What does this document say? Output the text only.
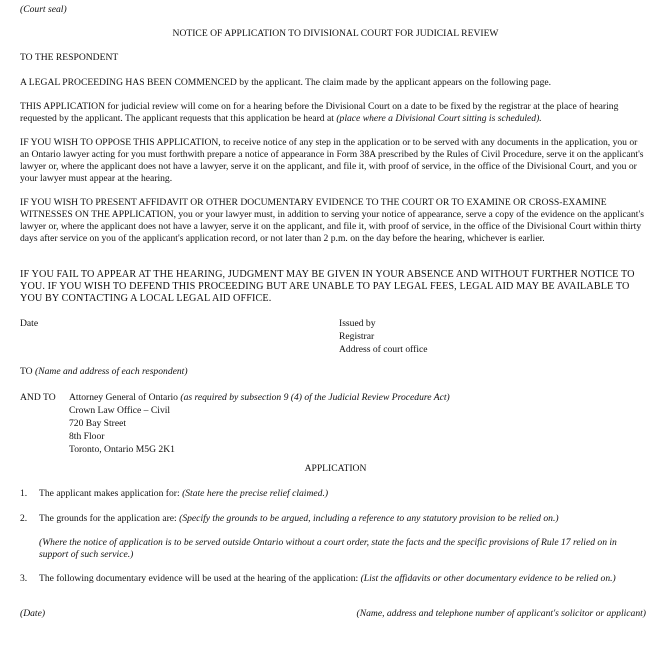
(Court seal)
NOTICE OF APPLICATION TO DIVISIONAL COURT FOR JUDICIAL REVIEW

TO THE RESPONDENT

A LEGAL PROCEEDING HAS BEEN COMMENCED by the applicant. The claim made by the applicant appears on the following page.

THIS APPLICATION for judicial review will come on for a hearing before the Divisional Court on a date to be fixed by the registrar at the place of hearing requested by the applicant. The applicant requests that this application be heard at (place where a Divisional Court sitting is scheduled).

IF YOU WISH TO OPPOSE THIS APPLICATION, to receive notice of any step in the application or to be served with any documents in the application, you or an Ontario lawyer acting for you must forthwith prepare a notice of appearance in Form 38A prescribed by the Rules of Civil Procedure, serve it on the applicant's lawyer or, where the applicant does not have a lawyer, serve it on the applicant, and file it, with proof of service, in the office of the Divisional Court, and you or your lawyer must appear at the hearing.

IF YOU WISH TO PRESENT AFFIDAVIT OR OTHER DOCUMENTARY EVIDENCE TO THE COURT OR TO EXAMINE OR CROSS-EXAMINE WITNESSES ON THE APPLICATION, you or your lawyer must, in addition to serving your notice of appearance, serve a copy of the evidence on the applicant's lawyer or, where the applicant does not have a lawyer, serve it on the applicant, and file it, with proof of service, in the office of the Divisional Court within thirty days after service on you of the applicant's application record, or not later than 2 p.m. on the day before the hearing, whichever is earlier.

IF YOU FAIL TO APPEAR AT THE HEARING, JUDGMENT MAY BE GIVEN IN YOUR ABSENCE AND WITHOUT FURTHER NOTICE TO YOU. IF YOU WISH TO DEFEND THIS PROCEEDING BUT ARE UNABLE TO PAY LEGAL FEES, LEGAL AID MAY BE AVAILABLE TO YOU BY CONTACTING A LOCAL LEGAL AID OFFICE.

Date	Issued by
Registrar
Address of court office
TO (Name and address of each respondent)
AND TO Attorney General of Ontario (as required by subsection 9 (4) of the Judicial Review Procedure Act)
Crown Law Office – Civil
720 Bay Street
8th Floor
Toronto, Ontario M5G 2K1
APPLICATION
1. The applicant makes application for: (State here the precise relief claimed.)
2. The grounds for the application are: (Specify the grounds to be argued, including a reference to any statutory provision to be relied on.)
(Where the notice of application is to be served outside Ontario without a court order, state the facts and the specific provisions of Rule 17 relied on in support of such service.)
3. The following documentary evidence will be used at the hearing of the application: (List the affidavits or other documentary evidence to be relied on.)
(Date)	(Name, address and telephone number of applicant's solicitor or applicant)
